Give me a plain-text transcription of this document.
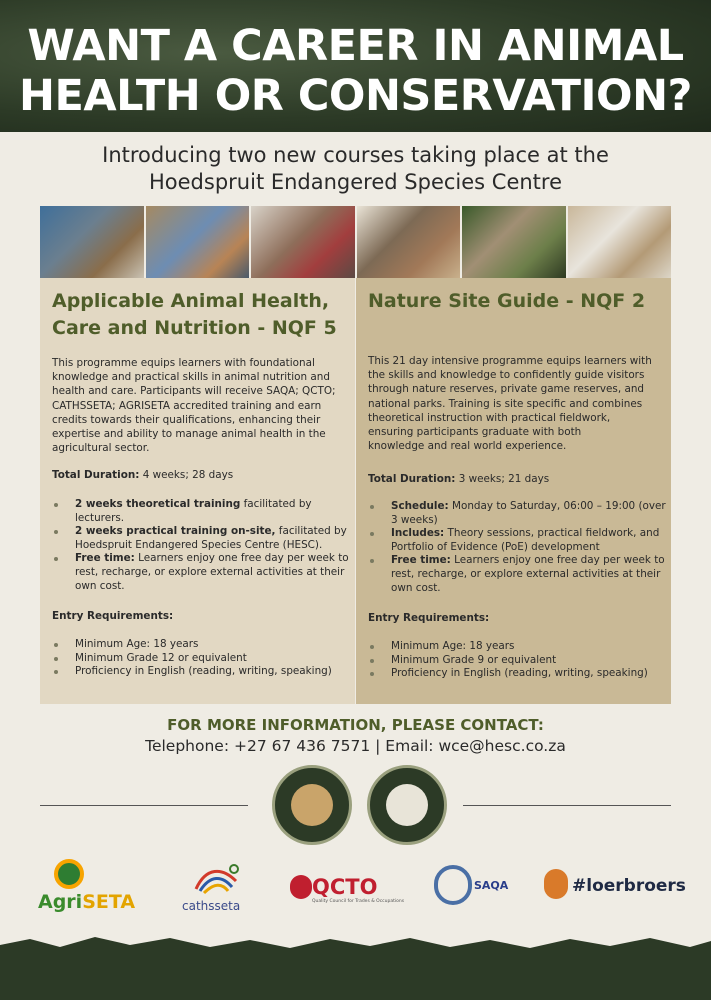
WANT A CAREER IN ANIMAL
HEALTH OR CONSERVATION?
Introducing two new courses taking place at the
Hoedspruit Endangered Species Centre
Applicable Animal Health,
Care and Nutrition - NQF 5
This programme equips learners with foundational
knowledge and practical skills in animal nutrition and
health and care. Participants will receive SAQA; QCTO;
CATHSSETA; AGRISETA accredited training and earn
credits towards their qualifications, enhancing their
expertise and ability to manage animal health in the
agricultural sector.
Total Duration: 4 weeks; 28 days
2 weeks theoretical training facilitated by lecturers.
2 weeks practical training on-site, facilitated by Hoedspruit Endangered Species Centre (HESC).
Free time: Learners enjoy one free day per week to rest, recharge, or explore external activities at their own cost.
Entry Requirements:
Minimum Age: 18 years
Minimum Grade 12 or equivalent
Proficiency in English (reading, writing, speaking)
Nature Site Guide - NQF 2
This 21 day intensive programme equips learners with
the skills and knowledge to confidently guide visitors
through nature reserves, private game reserves, and
national parks. Training is site specific and combines
theoretical instruction with practical fieldwork,
ensuring participants graduate with both
knowledge and real world experience.
Total Duration: 3 weeks; 21 days
Schedule: Monday to Saturday, 06:00 – 19:00 (over 3 weeks)
Includes: Theory sessions, practical fieldwork, and Portfolio of Evidence (PoE) development
Free time: Learners enjoy one free day per week to rest, recharge, or explore external activities at their own cost.
Entry Requirements:
Minimum Age: 18 years
Minimum Grade 9 or equivalent
Proficiency in English (reading, writing, speaking)
FOR MORE INFORMATION, PLEASE CONTACT:
Telephone: +27 67 436 7571 | Email: wce@hesc.co.za
AgriSETA	cathsseta
QCTO
Quality Council for Trades & Occupations
SAQA	#loerbroers
